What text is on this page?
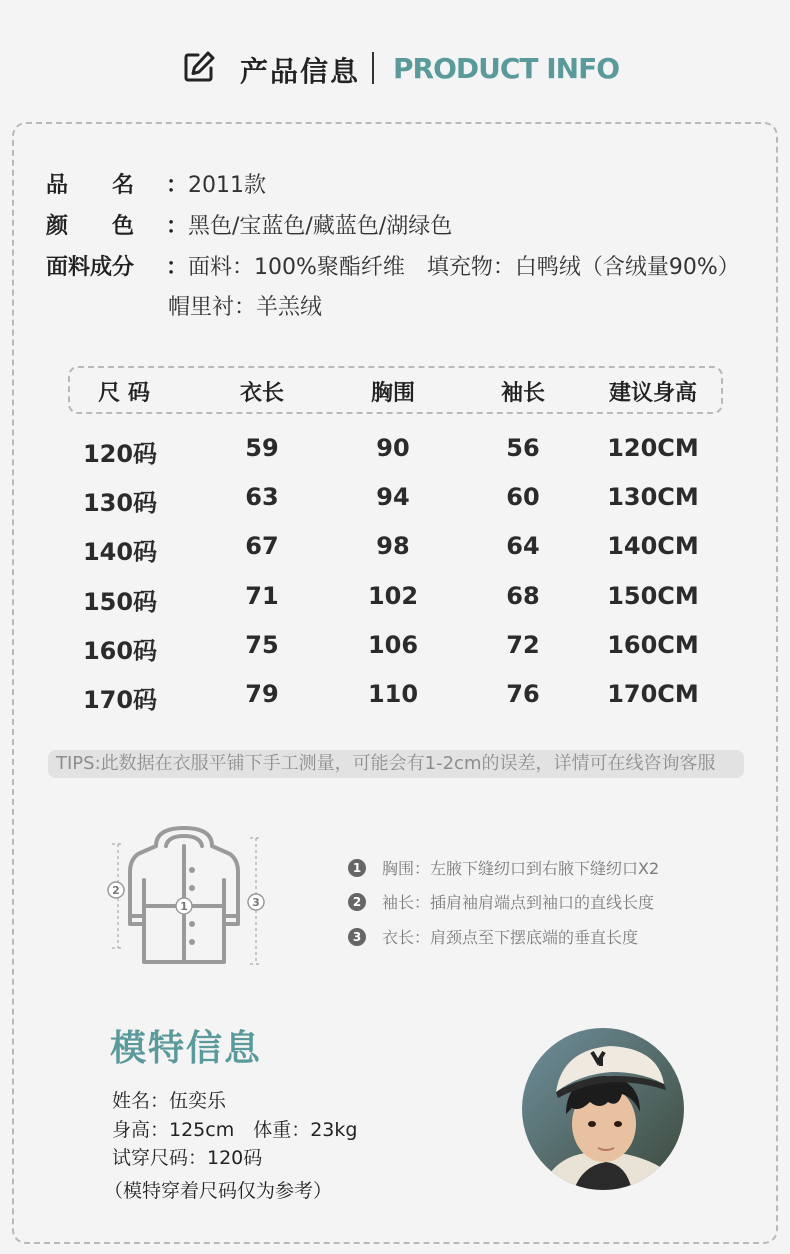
产品信息 PRODUCT INFO
品　　名 ：2011款
颜　　色 ：黑色/宝蓝色/藏蓝色/湖绿色
面料成分 ：面料：100%聚酯纤维　填充物：白鸭绒（含绒量90%）
帽里衬：羊羔绒
尺 码	衣长	胸围	袖长	建议身高
120码	59	90	56	120CM
130码	63	94	60	130CM
140码	67	98	64	140CM
150码	71	102	68	150CM
160码	75	106	72	160CM
170码	79	110	76	170CM
TIPS:此数据在衣服平铺下手工测量，可能会有1-2cm的误差，详情可在线咨询客服
1
2
3
1	胸围：左腋下缝纫口到右腋下缝纫口X2
2	袖长：插肩袖肩端点到袖口的直线长度
3	衣长：肩颈点至下摆底端的垂直长度
模特信息
姓名：伍奕乐
身高：125cm　体重：23kg
试穿尺码：120码
（模特穿着尺码仅为参考）
